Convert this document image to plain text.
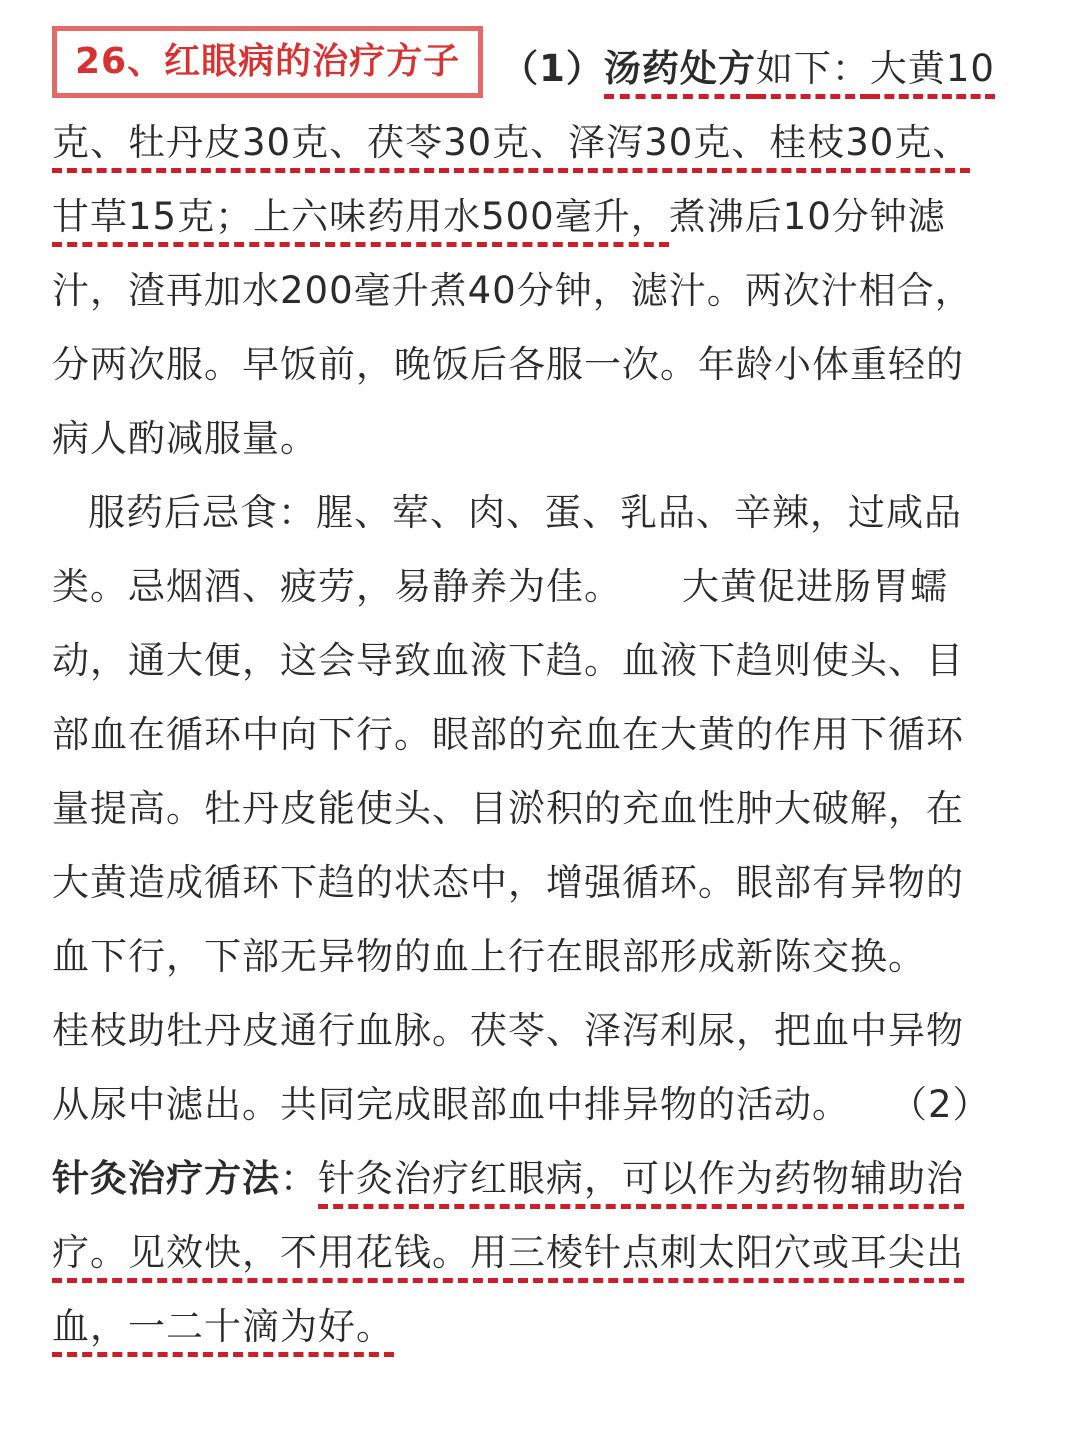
26、红眼病的治疗方子 （1）汤药处方如下：大黄10
克、牡丹皮30克、茯苓30克、泽泻30克、桂枝30克、
甘草15克；上六味药用水500毫升，煮沸后10分钟滤
汁，渣再加水200毫升煮40分钟，滤汁。两次汁相合，
分两次服。早饭前，晚饭后各服一次。年龄小体重轻的
病人酌减服量。
服药后忌食：腥、荤、肉、蛋、乳品、辛辣，过咸品
类。忌烟酒、疲劳，易静养为佳。 大黄促进肠胃蠕
动，通大便，这会导致血液下趋。血液下趋则使头、目
部血在循环中向下行。眼部的充血在大黄的作用下循环
量提高。牡丹皮能使头、目淤积的充血性肿大破解，在
大黄造成循环下趋的状态中，增强循环。眼部有异物的
血下行，下部无异物的血上行在眼部形成新陈交换。
桂枝助牡丹皮通行血脉。茯苓、泽泻利尿，把血中异物
从尿中滤出。共同完成眼部血中排异物的活动。 （2）
针灸治疗方法：针灸治疗红眼病，可以作为药物辅助治
疗。见效快，不用花钱。用三棱针点刺太阳穴或耳尖出
血，一二十滴为好。
